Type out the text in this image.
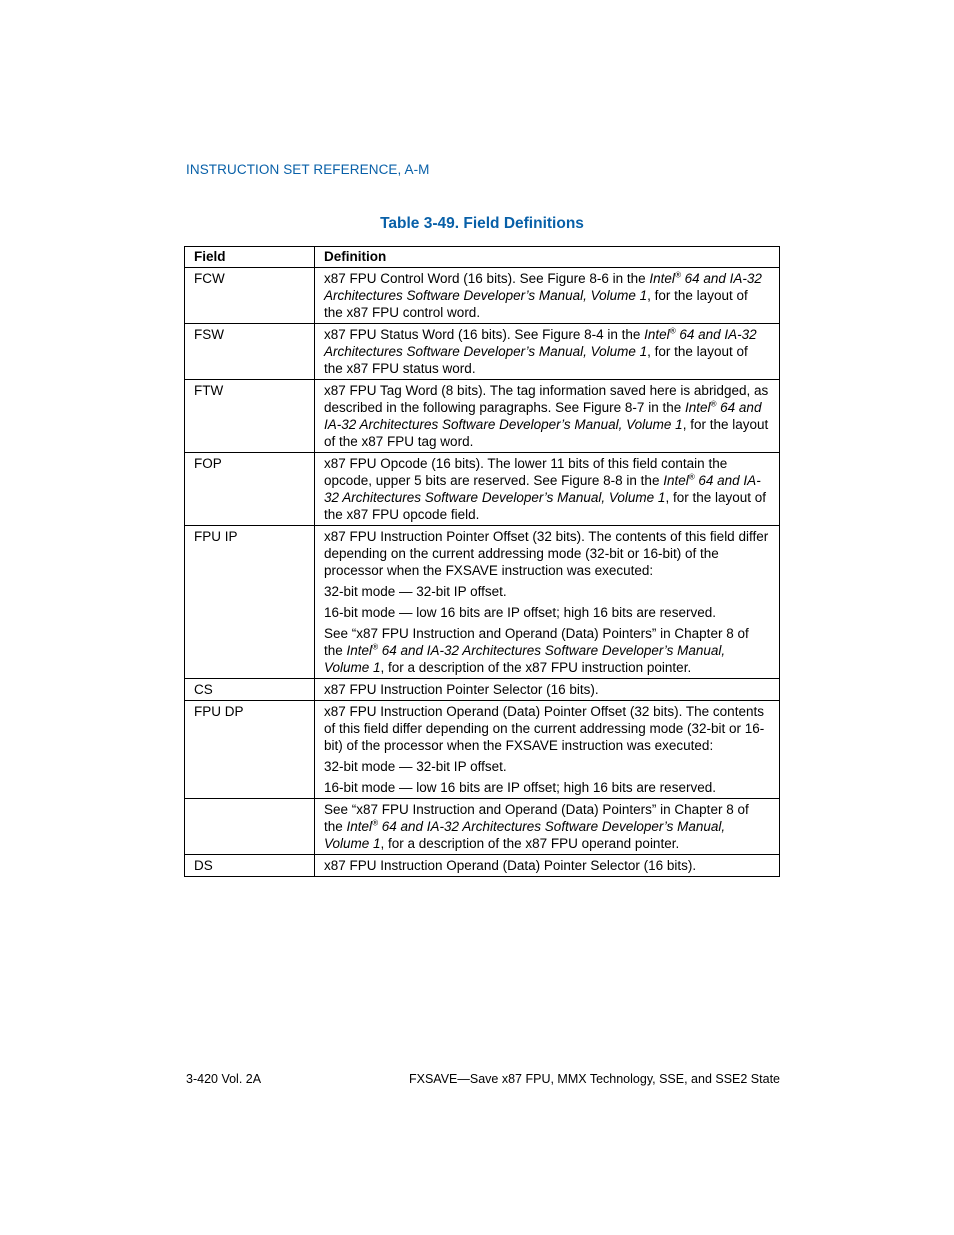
INSTRUCTION SET REFERENCE, A-M
Table 3-49. Field Definitions
Field	Definition
FCW	x87 FPU Control Word (16 bits). See Figure 8-6 in the Intel® 64 and IA-32 Architectures Software Developer’s Manual, Volume 1, for the layout of the x87 FPU control word.

FSW	x87 FPU Status Word (16 bits). See Figure 8-4 in the Intel® 64 and IA-32 Architectures Software Developer’s Manual, Volume 1, for the layout of the x87 FPU status word.

FTW	x87 FPU Tag Word (8 bits). The tag information saved here is abridged, as described in the following paragraphs. See Figure 8-7 in the Intel® 64 and IA-32 Architectures Software Developer’s Manual, Volume 1, for the layout of the x87 FPU tag word.

FOP	x87 FPU Opcode (16 bits). The lower 11 bits of this field contain the opcode, upper 5 bits are reserved. See Figure 8-8 in the Intel® 64 and IA-32 Architectures Software Developer’s Manual, Volume 1, for the layout of the x87 FPU opcode field.

FPU IP	x87 FPU Instruction Pointer Offset (32 bits). The contents of this field differ depending on the current addressing mode (32-bit or 16-bit) of the processor when the FXSAVE instruction was executed:
32-bit mode — 32-bit IP offset.
16-bit mode — low 16 bits are IP offset; high 16 bits are reserved.
See “x87 FPU Instruction and Operand (Data) Pointers” in Chapter 8 of the Intel® 64 and IA-32 Architectures Software Developer’s Manual, Volume 1, for a description of the x87 FPU instruction pointer.

CS	x87 FPU Instruction Pointer Selector (16 bits).

FPU DP	x87 FPU Instruction Operand (Data) Pointer Offset (32 bits). The contents of this field differ depending on the current addressing mode (32-bit or 16-bit) of the processor when the FXSAVE instruction was executed:
32-bit mode — 32-bit IP offset.
16-bit mode — low 16 bits are IP offset; high 16 bits are reserved.

	See “x87 FPU Instruction and Operand (Data) Pointers” in Chapter 8 of the Intel® 64 and IA-32 Architectures Software Developer’s Manual, Volume 1, for a description of the x87 FPU operand pointer.

DS	x87 FPU Instruction Operand (Data) Pointer Selector (16 bits).
3-420 Vol. 2A	FXSAVE—Save x87 FPU, MMX Technology, SSE, and SSE2 State
